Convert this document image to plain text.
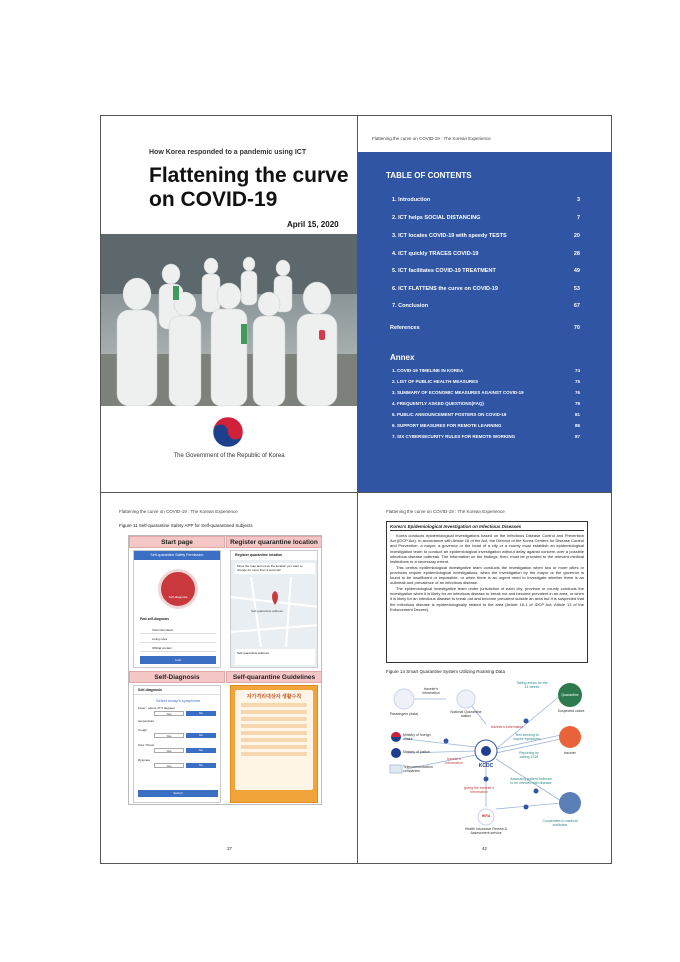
How Korea responded to a pandemic using ICT
Flattening the curve on COVID-19
April 15, 2020
The Government of the Republic of Korea
Flattening the curve on COVID-19 : The Korean Experience
TABLE OF CONTENTS
1. Introduction	3
2. ICT helps SOCIAL DISTANCING	7
3. ICT locates COVID-19 with speedy TESTS	20
4. ICT quickly TRACES COVID-19	28
5. ICT facilitates COVID-19 TREATMENT	49
6. ICT FLATTENS the curve on COVID-19	53
7. Conclusion	67
References	70
Annex
1. COVID-19 TIMELINE IN KOREA	74
2. LIST OF PUBLIC HEALTH MEASURES	75
3. SUMMARY OF ECONOMIC MEASURES AGAINST COVID-19	76
4. FREQUENTLY ASKED QUESTIONS(FAQ)	79
5. PUBLIC ANNOUNCEMENT POSTERS ON COVID-19	81
6. SUPPORT MEASURES FOR REMOTE LEARNING	86
7. SIX CYBERSECURITY RULES FOR REMOTE WORKING	87
Flattening the curve on COVID-19 : The Korean Experience
Figure 11 Self-quarantine Safety APP for Self-quarantined Subjects
Start page	Register quarantine location
Self-Diagnosis	Self-quarantine Guidelines
Self-quarantine Safety Permission
Self-diagnosis
Past self-diagnosis
Visit information
Living rules
Official contact
Lock
Register quarantine location
Move the map and move the location you want to change for more than 3 seconds!
Self-quarantine address
Self-quarantine Address
Self-diagnosis
Select today's symptoms
Fever : above 37.5 degrees
Yes	No
temperature
Cough
Yes	No
Sore Throat
Yes	No
Dyspnea
Yes	No
Submit
자가격리대상자 생활수칙
37
Flattening the curve on COVID-19 : The Korean Experience
Korea's Epidemiological Investigation on Infectious Diseases

Korea conducts epidemiological investigations based on the Infectious Disease Control and Prevention Act (IDCP Act). In accordance with Article 18 of the Act, the Director of the Korea Centers for Disease Control and Prevention, a mayor, a governor or the head of a city or a county must establish an epidemiological investigation team to conduct an epidemiological investigation without delay against concern over a possible infectious disease outbreak. The information on the findings, then, must be provided to the relevant medical institutions to a necessary extent.

This central epidemiological investigative team conducts the investigation when two or more cities or provinces require epidemiological investigations, when the investigation by the mayor or the governor is found to be insufficient or impossible, or when there is an urgent need to investigate whether there is an outbreak and prevalence of an infectious disease.

The epidemiological investigative team under jurisdiction of each city, province or county conducts the investigation when it is likely for an infectious disease to break out and become prevalent in an area, or when it is likely for an infectious disease to break out and become prevalent outside an area but it is suspected that the infectious disease is epidemiologically related to the area (Article 18-1 of IDCP Act; Article 13 of the Enforcement Decree).

Figure 14 Smart Quarantine System Utilizing Roaming Data
Passengers (data)
traveler's information
National Quarantine station
Ministry of foreign affairs
Ministry of justice
Telecommunication companies
traveler's information
traveler's information	KCDC
giving the traveler's information
Taking action for the 14 weeks
Quarantine
Suspected cases
Text sending to inquire symptoms
Reporting by calling 1339
traveler
Assessing patient believed to be infected with disease
HIRA
Health Insurance Review & Assessment service
Cooperates to medical institution
42
